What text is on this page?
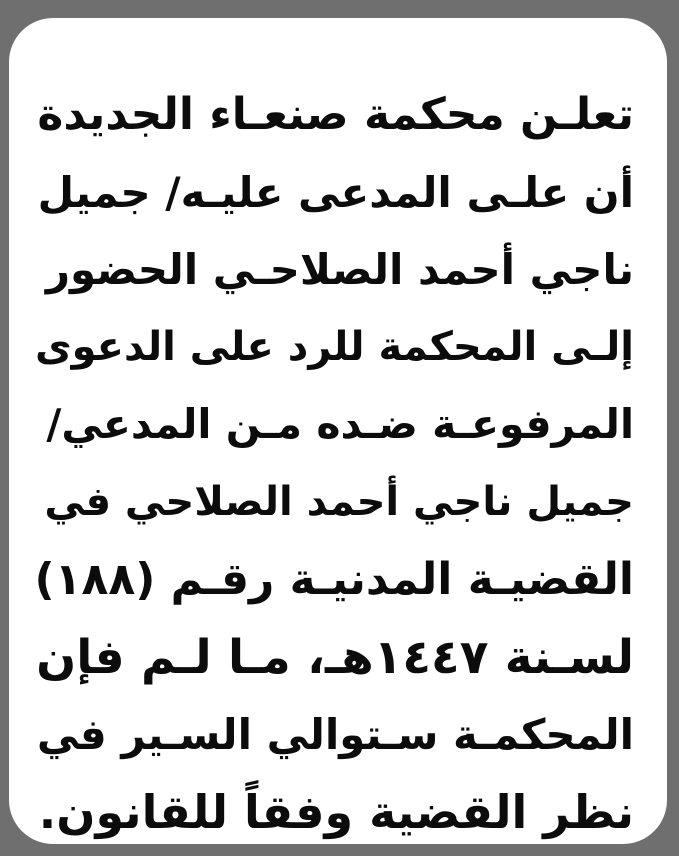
تعلـن محكمة صنعـاء الجديدة
أن علـى المدعى عليـه/ جميل
ناجي أحمد الصلاحـي الحضور
إلـى المحكمة للرد على الدعوى
المرفوعـة ضـده مـن المدعي/
جميل ناجي أحمد الصلاحي في
القضيـة المدنيـة رقـم (١٨٨)
لسـنة ١٤٤٧هـ، مـا لـم فإن
المحكمـة سـتوالي السـير في
نظر القضية وفقاً للقانون.
